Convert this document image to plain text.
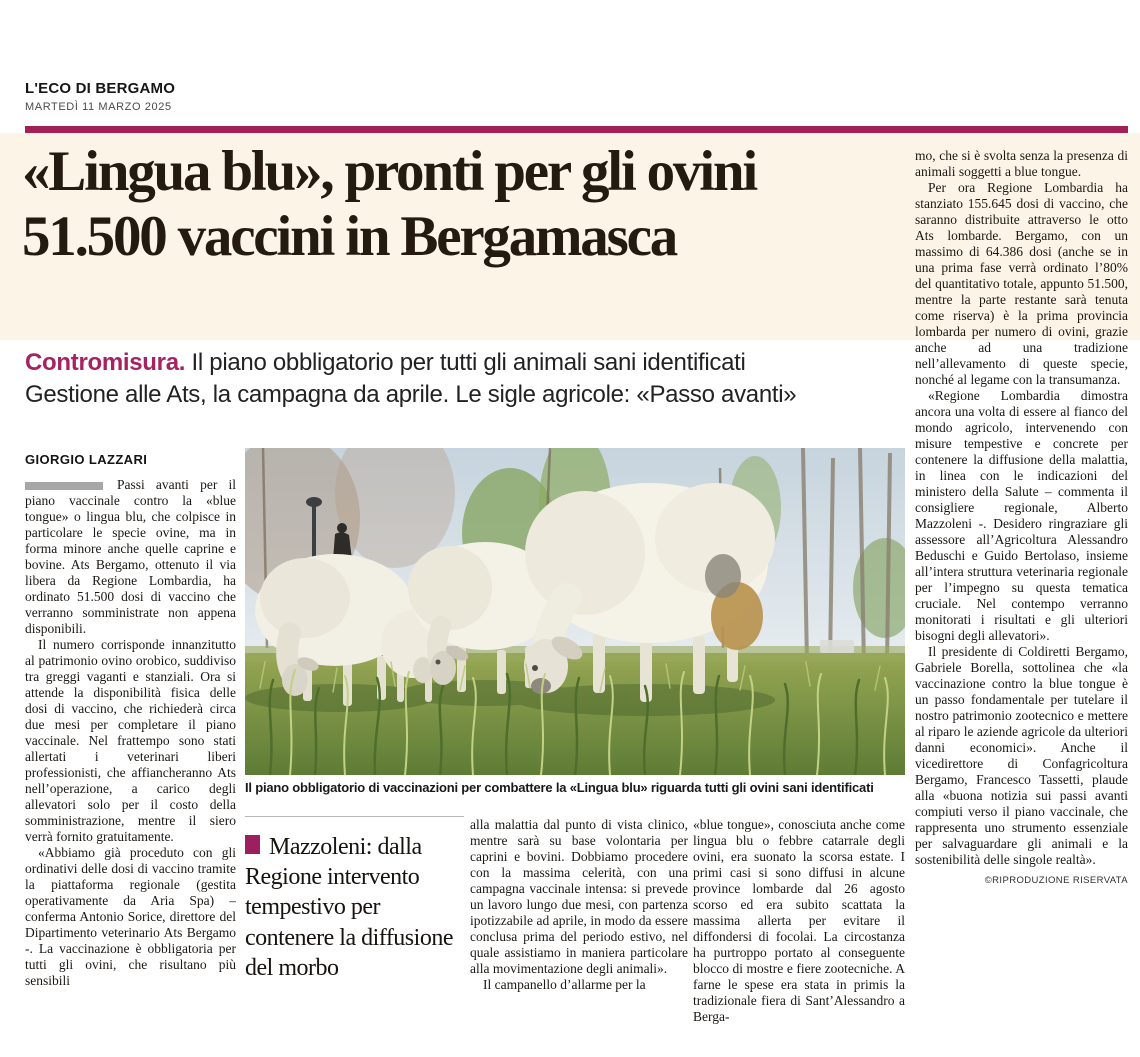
L'ECO DI BERGAMO
MARTEDÌ 11 MARZO 2025
«Lingua blu», pronti per gli ovini
51.500 vaccini in Bergamasca
Contromisura. Il piano obbligatorio per tutti gli animali sani identificati
Gestione alle Ats, la campagna da aprile. Le sigle agricole: «Passo avanti»
GIORGIO LAZZARI

Passi avanti per il piano vaccinale contro la «blue tongue» o lingua blu, che colpisce in particolare le specie ovine, ma in forma minore anche quelle caprine e bovine. Ats Bergamo, ottenuto il via libera da Regione Lombardia, ha ordinato 51.500 dosi di vaccino che verranno somministrate non appena disponibili.

Il numero corrisponde innanzitutto al patrimonio ovino orobico, suddiviso tra greggi vaganti e stanziali. Ora si attende la disponibilità fisica delle dosi di vaccino, che richiederà circa due mesi per completare il piano vaccinale. Nel frattempo sono stati allertati i veterinari liberi professionisti, che affiancheranno Ats nell’operazione, a carico degli allevatori solo per il costo della somministrazione, mentre il siero verrà fornito gratuitamente.

«Abbiamo già proceduto con gli ordinativi delle dosi di vaccino tramite la piattaforma regionale (gestita operativamente da Aria Spa) – conferma Antonio Sorice, direttore del Dipartimento veterinario Ats Bergamo -. La vaccinazione è obbligatoria per tutti gli ovini, che risultano più sensibili

Il piano obbligatorio di vaccinazioni per combattere la «Lingua blu» riguarda tutti gli ovini sani identificati
Mazzoleni: dalla Regione intervento tempestivo per contenere la diffusione del morbo

alla malattia dal punto di vista clinico, mentre sarà su base volontaria per caprini e bovini. Dobbiamo procedere con la massima celerità, con una campagna vaccinale intensa: si prevede un lavoro lungo due mesi, con partenza ipotizzabile ad aprile, in modo da essere conclusa prima del periodo estivo, nel quale assistiamo in maniera particolare alla movimentazione degli animali».

Il campanello d’allarme per la

«blue tongue», conosciuta anche come lingua blu o febbre catarrale degli ovini, era suonato la scorsa estate. I primi casi si sono diffusi in alcune province lombarde dal 26 agosto scorso ed era subito scattata la massima allerta per evitare il diffondersi di focolai. La circostanza ha purtroppo portato al conseguente blocco di mostre e fiere zootecniche. A farne le spese era stata in primis la tradizionale fiera di Sant’Alessandro a Berga-

mo, che si è svolta senza la presenza di animali soggetti a blue tongue.

Per ora Regione Lombardia ha stanziato 155.645 dosi di vaccino, che saranno distribuite attraverso le otto Ats lombarde. Bergamo, con un massimo di 64.386 dosi (anche se in una prima fase verrà ordinato l’80% del quantitativo totale, appunto 51.500, mentre la parte restante sarà tenuta come riserva) è la prima provincia lombarda per numero di ovini, grazie anche ad una tradizione nell’allevamento di queste specie, nonché al legame con la transumanza.

«Regione Lombardia dimostra ancora una volta di essere al fianco del mondo agricolo, intervenendo con misure tempestive e concrete per contenere la diffusione della malattia, in linea con le indicazioni del ministero della Salute – commenta il consigliere regionale, Alberto Mazzoleni -. Desidero ringraziare gli assessore all’Agricoltura Alessandro Beduschi e Guido Bertolaso, insieme all’intera struttura veterinaria regionale per l’impegno su questa tematica cruciale. Nel contempo verranno monitorati i risultati e gli ulteriori bisogni degli allevatori».

Il presidente di Coldiretti Bergamo, Gabriele Borella, sottolinea che «la vaccinazione contro la blue tongue è un passo fondamentale per tutelare il nostro patrimonio zootecnico e mettere al riparo le aziende agricole da ulteriori danni economici». Anche il vicedirettore di Confagricoltura Bergamo, Francesco Tassetti, plaude alla «buona notizia sui passi avanti compiuti verso il piano vaccinale, che rappresenta uno strumento essenziale per salvaguardare gli animali e la sostenibilità delle singole realtà».

©RIPRODUZIONE RISERVATA
